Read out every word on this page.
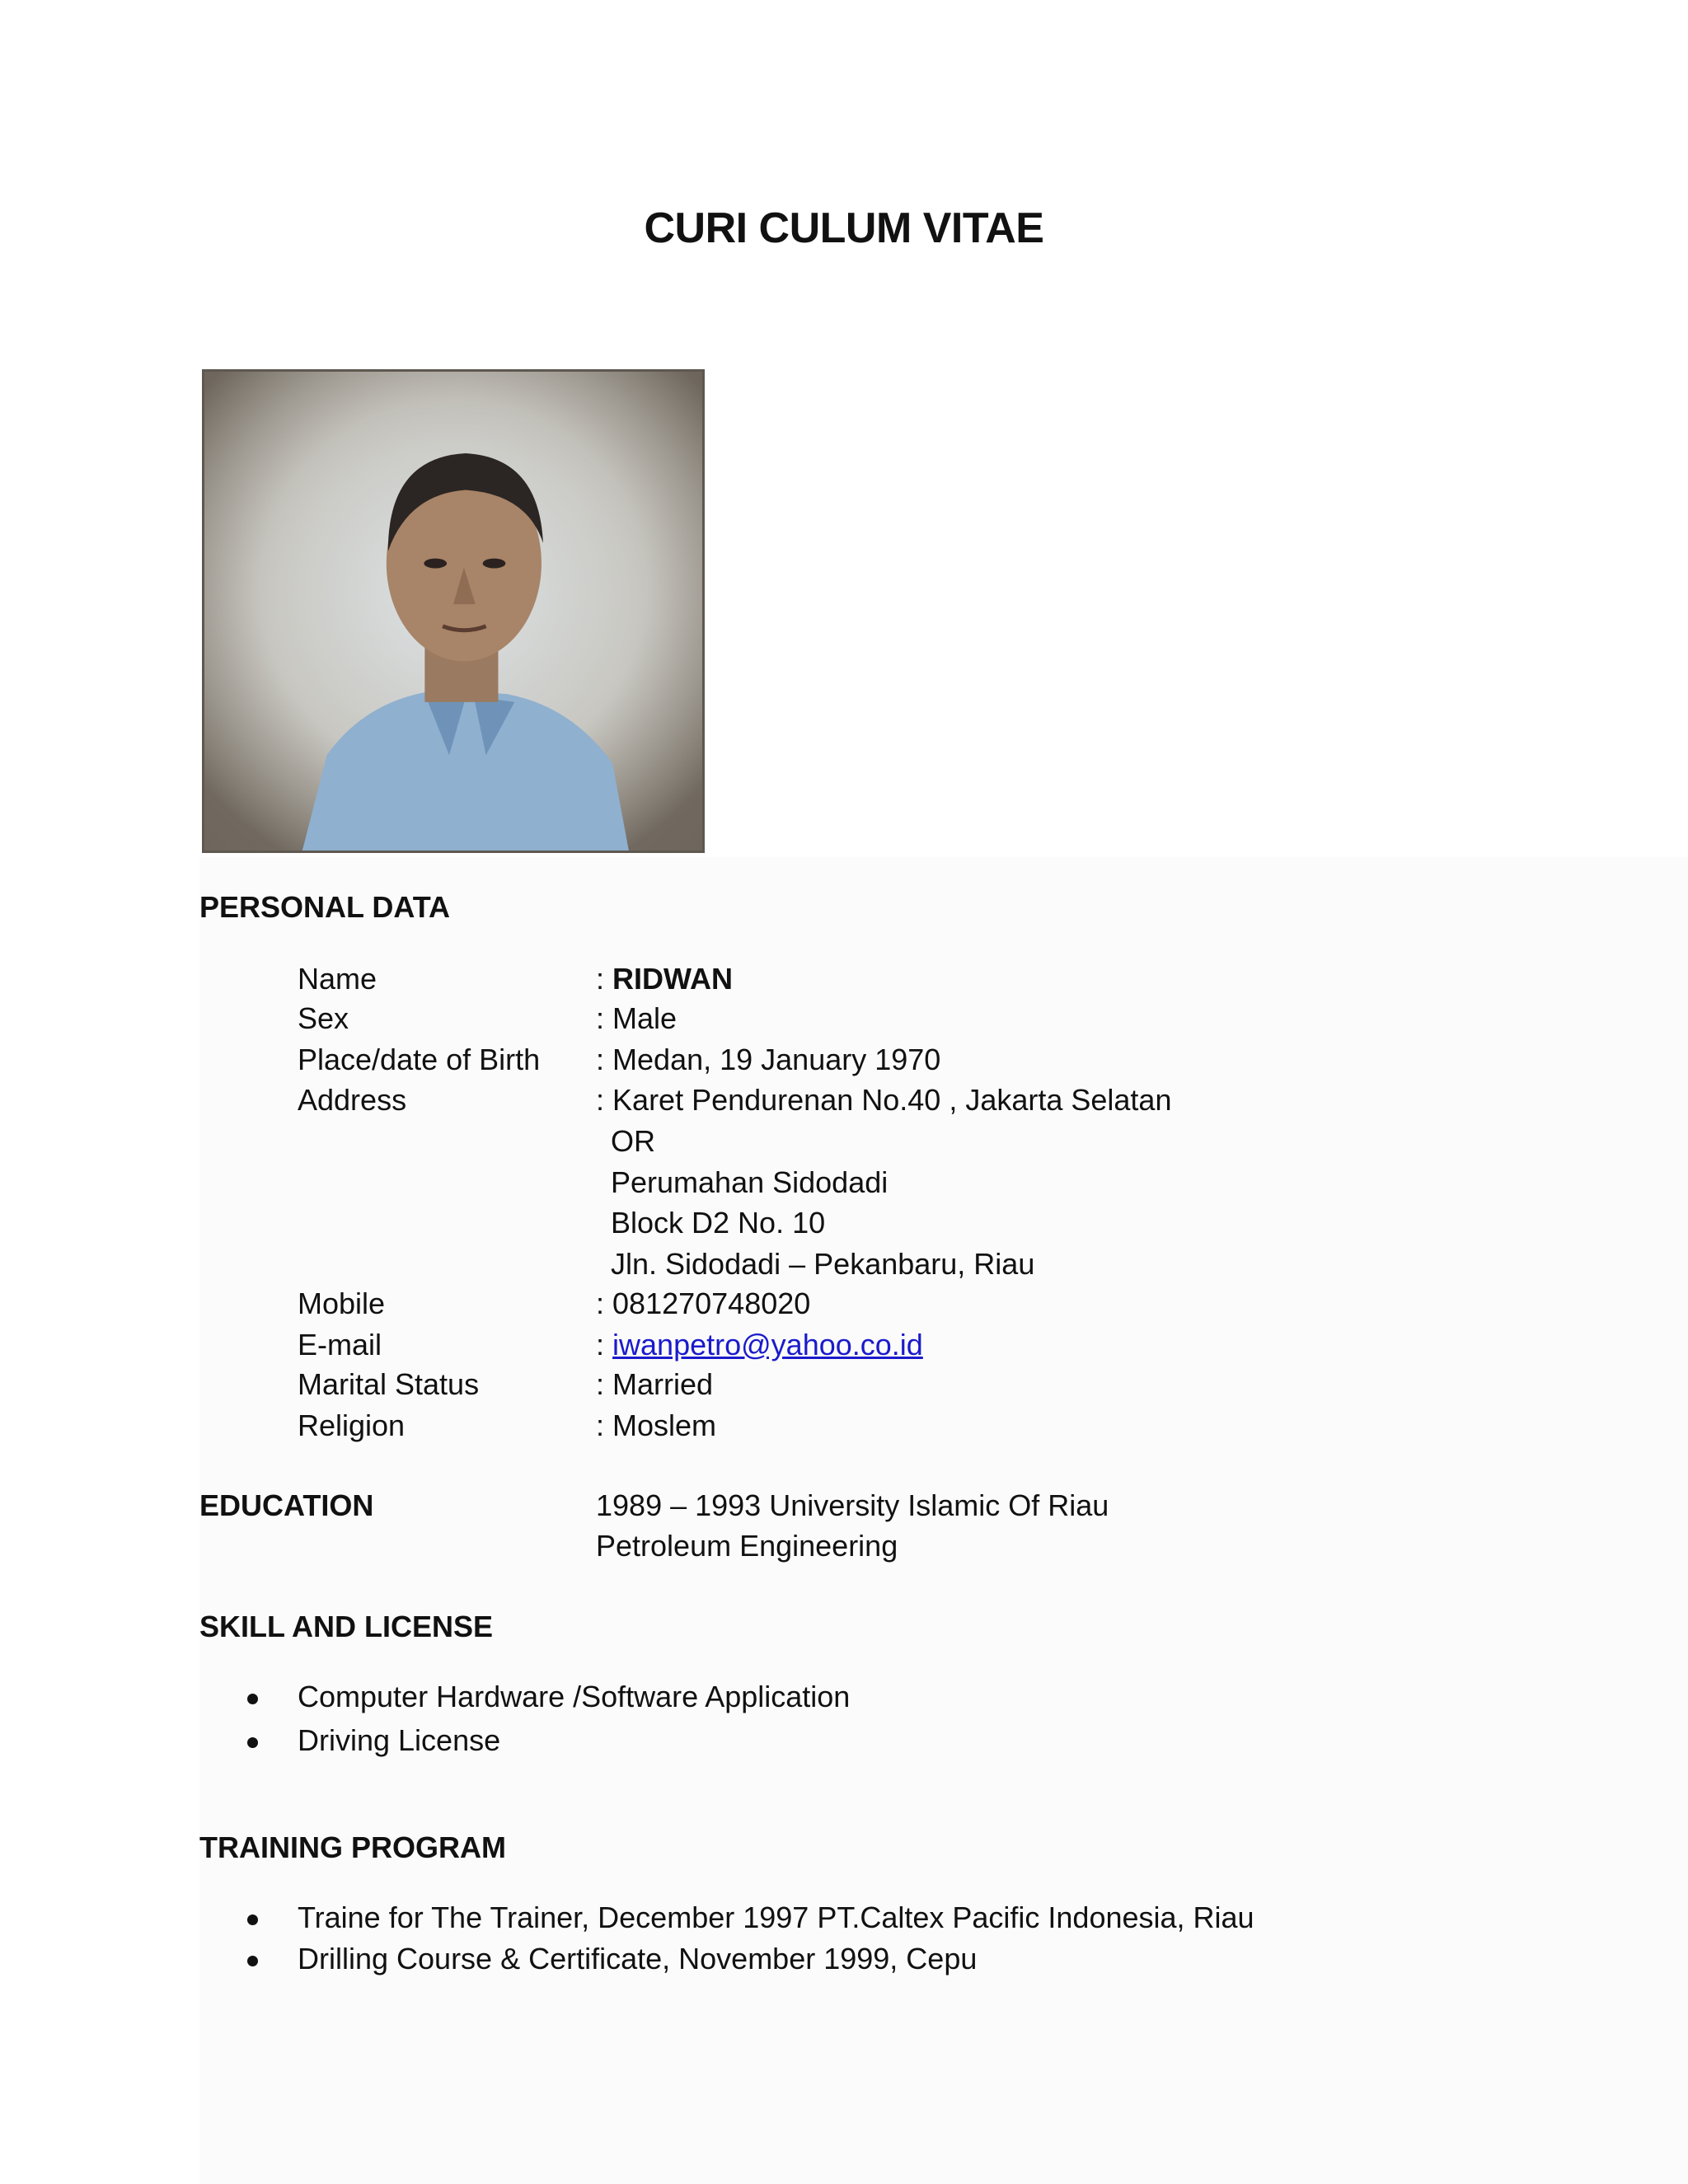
CURI CULUM VITAE
PERSONAL DATA
Name	: RIDWAN
Sex	: Male
Place/date of Birth : Medan, 19 January 1970
Address	: Karet Pendurenan No.40 , Jakarta Selatan
OR
Perumahan Sidodadi
Block D2 No. 10
Jln. Sidodadi – Pekanbaru, Riau
Mobile	: 081270748020
E-mail	: iwanpetro@yahoo.co.id
Marital Status	: Married
Religion	: Moslem
EDUCATION	1989 – 1993 University Islamic Of Riau
Petroleum Engineering
SKILL AND LICENSE
Computer Hardware /Software Application
Driving License
TRAINING PROGRAM
Traine for The Trainer, December 1997 PT.Caltex Pacific Indonesia, Riau
Drilling Course & Certificate, November 1999, Cepu
